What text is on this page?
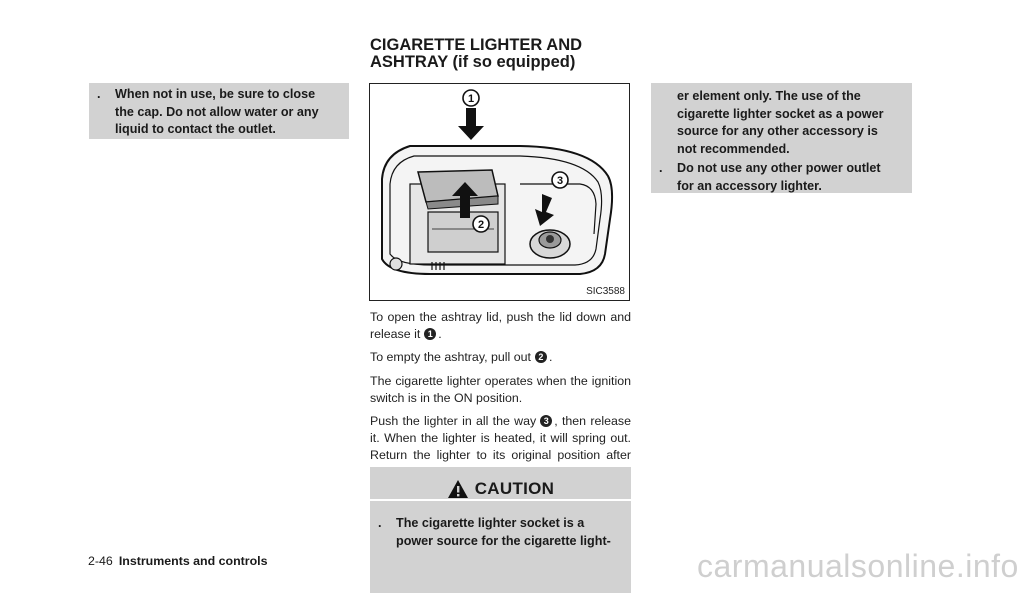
.	When not in use, be sure to close
the cap. Do not allow water or any
liquid to contact the outlet.
CIGARETTE LIGHTER AND
ASHTRAY (if so equipped)
1
2
3
SIC3588

To open the ashtray lid, push the lid down and release it 1 .

To empty the ashtray, pull out 2 .

The cigarette lighter operates when the ignition switch is in the ON position.

Push the lighter in all the way 3 , then release it. When the lighter is heated, it will spring out. Return the lighter to its original position after

CAUTION
.	The cigarette lighter socket is a
power source for the cigarette light-
er element only. The use of the
cigarette lighter socket as a power
source for any other accessory is
not recommended.
.	Do not use any other power outlet
for an accessory lighter.
2-46 Instruments and controls	carmanualsonline.info
